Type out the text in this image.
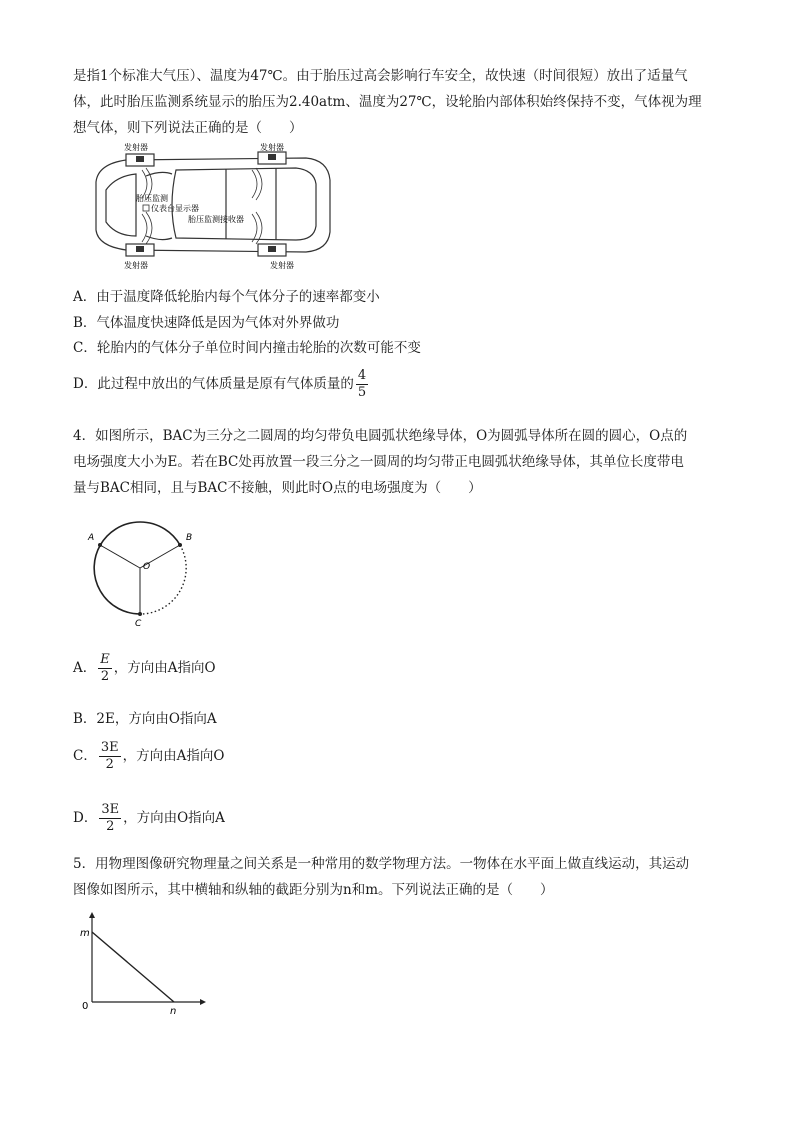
是指1个标准大气压）、温度为47℃。由于胎压过高会影响行车安全，故快速（时间很短）放出了适量气
体，此时胎压监测系统显示的胎压为2.40atm、温度为27℃，设轮胎内部体积始终保持不变，气体视为理
想气体，则下列说法正确的是（　　）
发射器	发射器
发射器	发射器
胎压监测
仪表台显示器
胎压监测接收器
A．由于温度降低轮胎内每个气体分子的速率都变小
B．气体温度快速降低是因为气体对外界做功
C．轮胎内的气体分子单位时间内撞击轮胎的次数可能不变
D．此过程中放出的气体质量是原有气体质量的 $\frac{4}{5}$
4．如图所示，BAC为三分之二圆周的均匀带负电圆弧状绝缘导体，O为圆弧导体所在圆的圆心，O点的
电场强度大小为E。若在BC处再放置一段三分之一圆周的均匀带正电圆弧状绝缘导体，其单位长度带电
量与BAC相同，且与BAC不接触，则此时O点的电场强度为（　　）
A	B
C
O
A． $\frac{E}{2}$ ，方向由A指向O
B．2E，方向由O指向A
C． $\frac{3E}{2}$ ，方向由A指向O
D． $\frac{3E}{2}$ ，方向由O指向A
5．用物理图像研究物理量之间关系是一种常用的数学物理方法。一物体在水平面上做直线运动，其运动
图像如图所示，其中横轴和纵轴的截距分别为n和m。下列说法正确的是（　　）
m
n
0
